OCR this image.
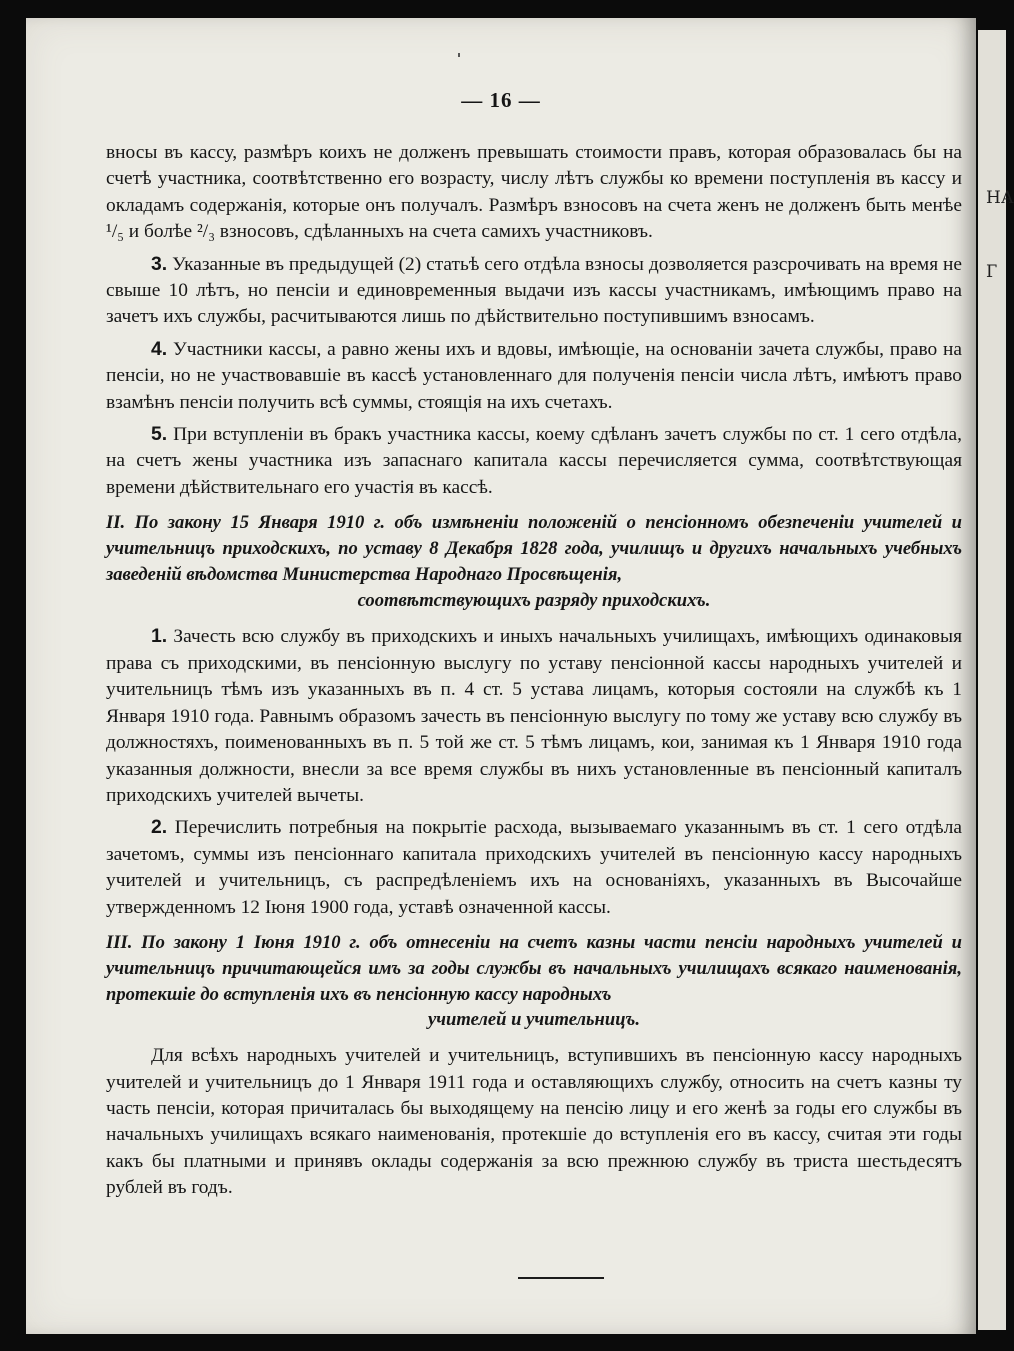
— 16 —

вносы въ кассу, размѣръ коихъ не долженъ превышать стоимости правъ, которая образовалась бы на счетѣ участника, соотвѣтственно его возрасту, числу лѣтъ службы ко времени поступленія въ кассу и окладамъ содержанія, которые онъ получалъ. Размѣръ взносовъ на счета женъ не долженъ быть менѣе ¹/₅ и болѣе ²/₃ взносовъ, сдѣланныхъ на счета самихъ участниковъ.

3. Указанные въ предыдущей (2) статьѣ сего отдѣла взносы дозволяется разсрочивать на время не свыше 10 лѣтъ, но пенсіи и единовременныя выдачи изъ кассы участникамъ, имѣющимъ право на зачетъ ихъ службы, расчитываются лишь по дѣйствительно поступившимъ взносамъ.

4. Участники кассы, а равно жены ихъ и вдовы, имѣющіе, на основаніи зачета службы, право на пенсіи, но не участвовавшіе въ кассѣ установленнаго для полученія пенсіи числа лѣтъ, имѣютъ право взамѣнъ пенсіи получить всѣ суммы, стоящія на ихъ счетахъ.

5. При вступленіи въ бракъ участника кассы, коему сдѣланъ зачетъ службы по ст. 1 сего отдѣла, на счетъ жены участника изъ запаснаго капитала кассы перечисляется сумма, соотвѣтствующая времени дѣйствительнаго его участія въ кассѣ.

II. По закону 15 Января 1910 г. объ измѣненіи положеній о пенсіонномъ обезпеченіи учителей и учительницъ приходскихъ, по уставу 8 Декабря 1828 года, училищъ и другихъ начальныхъ учебныхъ заведеній вѣдомства Министерства Народнаго Просвѣщенія,
соотвѣтствующихъ разряду приходскихъ.

1. Зачесть всю службу въ приходскихъ и иныхъ начальныхъ училищахъ, имѣющихъ одинаковыя права съ приходскими, въ пенсіонную выслугу по уставу пенсіонной кассы народныхъ учителей и учительницъ тѣмъ изъ указанныхъ въ п. 4 ст. 5 устава лицамъ, которыя состояли на службѣ къ 1 Января 1910 года. Равнымъ образомъ зачесть въ пенсіонную выслугу по тому же уставу всю службу въ должностяхъ, поименованныхъ въ п. 5 той же ст. 5 тѣмъ лицамъ, кои, занимая къ 1 Января 1910 года указанныя должности, внесли за все время службы въ нихъ установленные въ пенсіонный капиталъ приходскихъ учителей вычеты.

2. Перечислить потребныя на покрытіе расхода, вызываемаго указаннымъ въ ст. 1 сего отдѣла зачетомъ, суммы изъ пенсіоннаго капитала приходскихъ учителей въ пенсіонную кассу народныхъ учителей и учительницъ, съ распредѣленіемъ ихъ на основаніяхъ, указанныхъ въ Высочайше утвержденномъ 12 Іюня 1900 года, уставѣ означенной кассы.

III. По закону 1 Іюня 1910 г. объ отнесеніи на счетъ казны части пенсіи народныхъ учителей и учительницъ причитающейся имъ за годы службы въ начальныхъ училищахъ всякаго наименованія, протекшіе до вступленія ихъ въ пенсіонную кассу народныхъ
учителей и учительницъ.

Для всѣхъ народныхъ учителей и учительницъ, вступившихъ въ пенсіонную кассу народныхъ учителей и учительницъ до 1 Января 1911 года и оставляющихъ службу, относить на счетъ казны ту часть пенсіи, которая причиталась бы выходящему на пенсію лицу и его женѣ за годы его службы въ начальныхъ училищахъ всякаго наименованія, протекшіе до вступленія его въ кассу, считая эти годы какъ бы платными и принявъ оклады содержанія за всю прежнюю службу въ триста шестьдесятъ рублей въ годъ.

НА
Г
